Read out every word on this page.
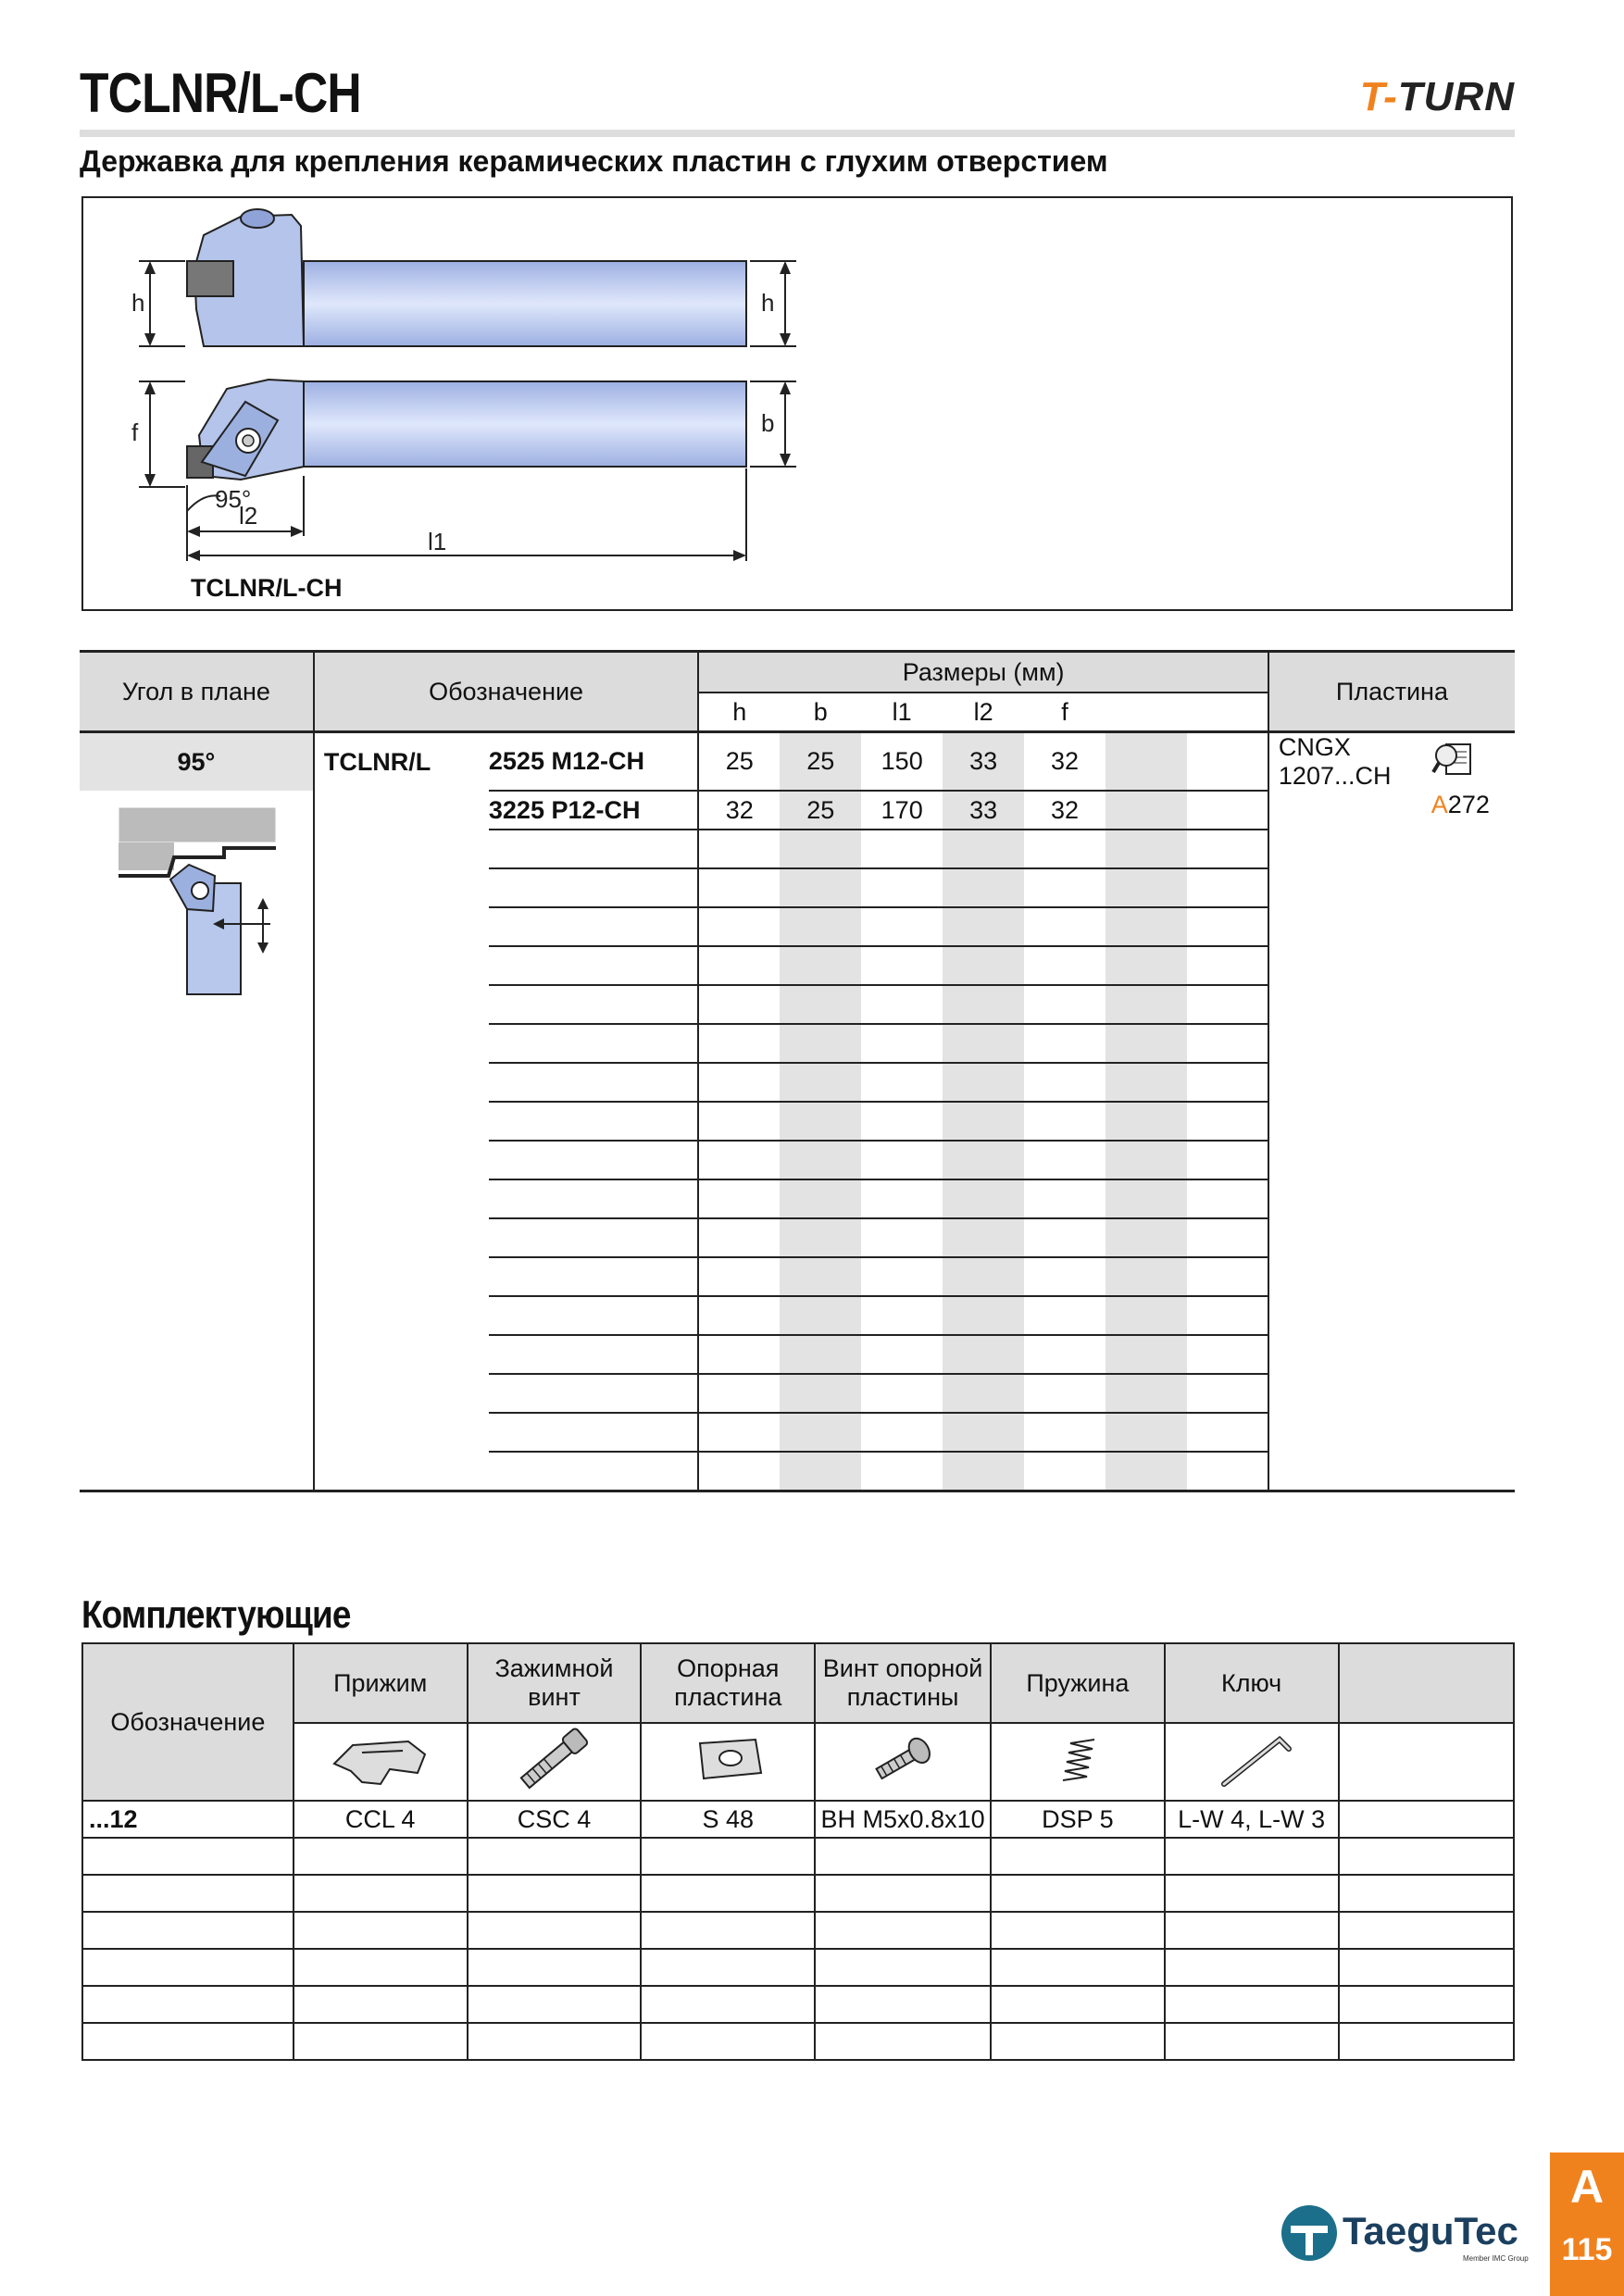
TCLNR/L-CH	T-TURN
Державка для крепления керамических пластин с глухим отверстием
h	h
f	b
95°
l2
l1
TCLNR/L-CH
Угол в плане	Обозначение		Размеры (мм)							Пластина	
			h	b	l1	l2	f				
95°	TCLNR/L	2525 M12-CH	25	25	150	33	32			CNGX 1207...CH	
		3225 P12-CH	32	25	170	33	32				A272

Комплектующие
Обозначение	Прижим	Зажимной винт	Опорная пластина	Винт опорной пластины	Пружина	Ключ	

...12	CCL 4	CSC 4	S 48	BH M5x0.8x10	DSP 5	L-W 4, L-W 3	

TaeguTec
Member IMC Group
A
115
